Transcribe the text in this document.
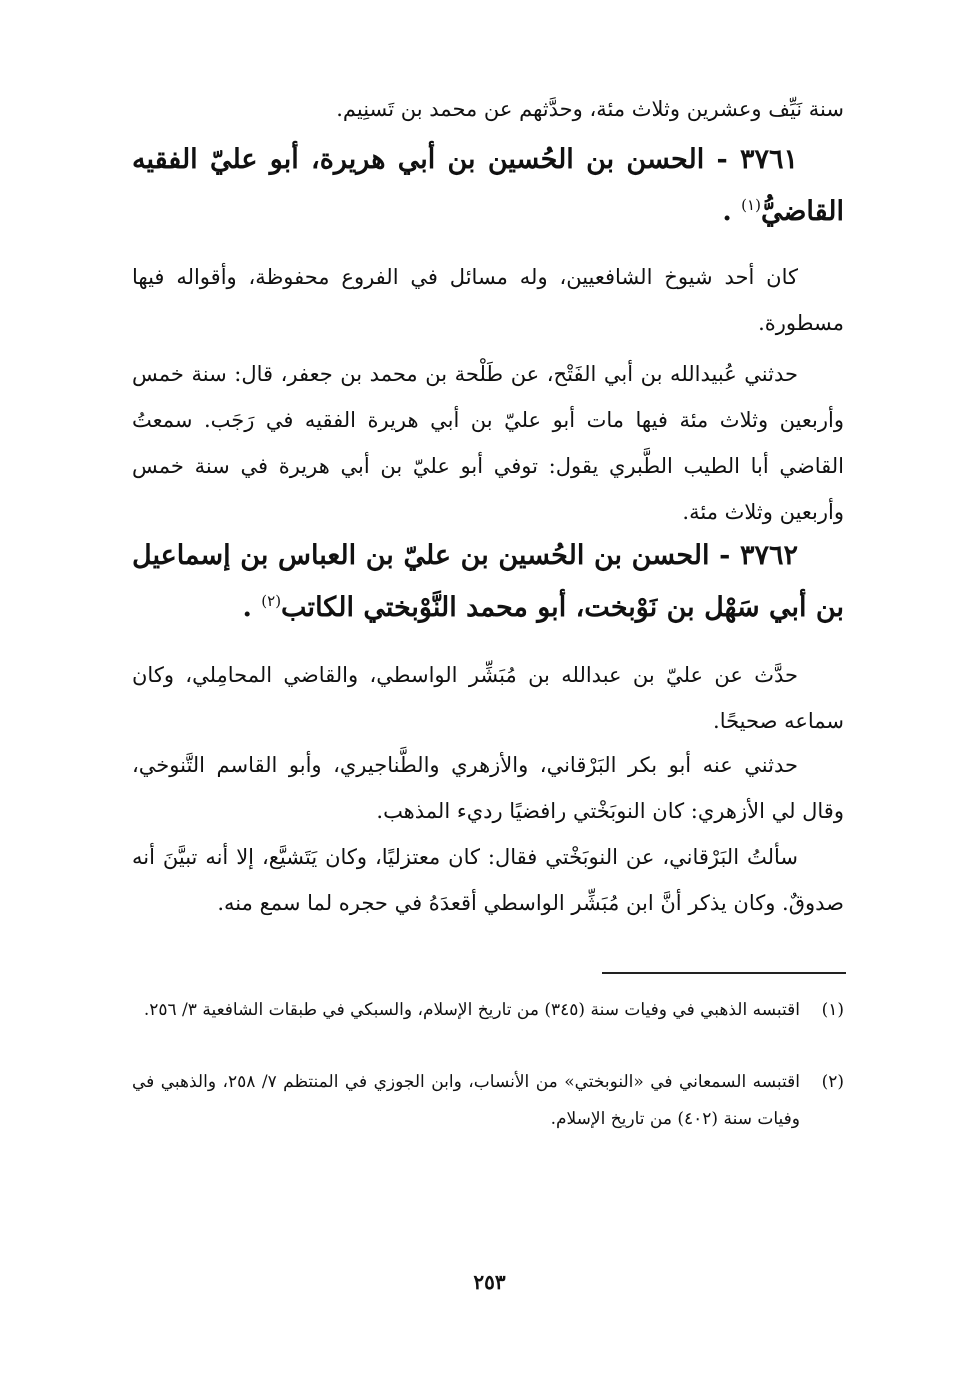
سنة نَيِّف وعشرين وثلاث مئة، وحدَّثهم عن محمد بن تَسنِيم.

٣٧٦١ - الحسن بن الحُسين بن أبي هريرة، أبو عليّ الفقيه القاضيُّ$^{(١)}$ .

كان أحد شيوخ الشافعيين، وله مسائل في الفروع محفوظة، وأقواله فيها مسطورة.

حدثني عُبيدالله بن أبي الفَتْح، عن طَلْحة بن محمد بن جعفر، قال: سنة خمس وأربعين وثلاث مئة فيها مات أبو عليّ بن أبي هريرة الفقيه في رَجَب. سمعتُ القاضي أبا الطيب الطَّبري يقول: توفي أبو عليّ بن أبي هريرة في سنة خمس وأربعين وثلاث مئة.

٣٧٦٢ - الحسن بن الحُسين بن عليّ بن العباس بن إسماعيل بن أبي سَهْل بن نَوْبخت، أبو محمد النَّوْبختي الكاتب$^{(٢)}$ .

حدَّث عن عليّ بن عبدالله بن مُبَشِّر الواسطي، والقاضي المحامِلي، وكان سماعه صحيحًا.

حدثني عنه أبو بكر البَرْقاني، والأزهري والطَّناجيري، وأبو القاسم التَّنوخي، وقال لي الأزهري: كان النوبَخْتي رافضيًا رديء المذهب.

سألتُ البَرْقاني، عن النوبَخْتي فقال: كان معتزليًا، وكان يَتَشيَّع، إلا أنه تبيَّنَ أنه صدوقٌ. وكان يذكر أنَّ ابن مُبَشِّر الواسطي أقعدَهُ في حجره لما سمع منه.

(١)
اقتبسه الذهبي في وفيات سنة (٣٤٥) من تاريخ الإسلام، والسبكي في طبقات الشافعية ٣/ ٢٥٦.
(٢)
اقتبسه السمعاني في «النوبختي» من الأنساب، وابن الجوزي في المنتظم ٧/ ٢٥٨، والذهبي في وفيات سنة (٤٠٢) من تاريخ الإسلام.
٢٥٣
